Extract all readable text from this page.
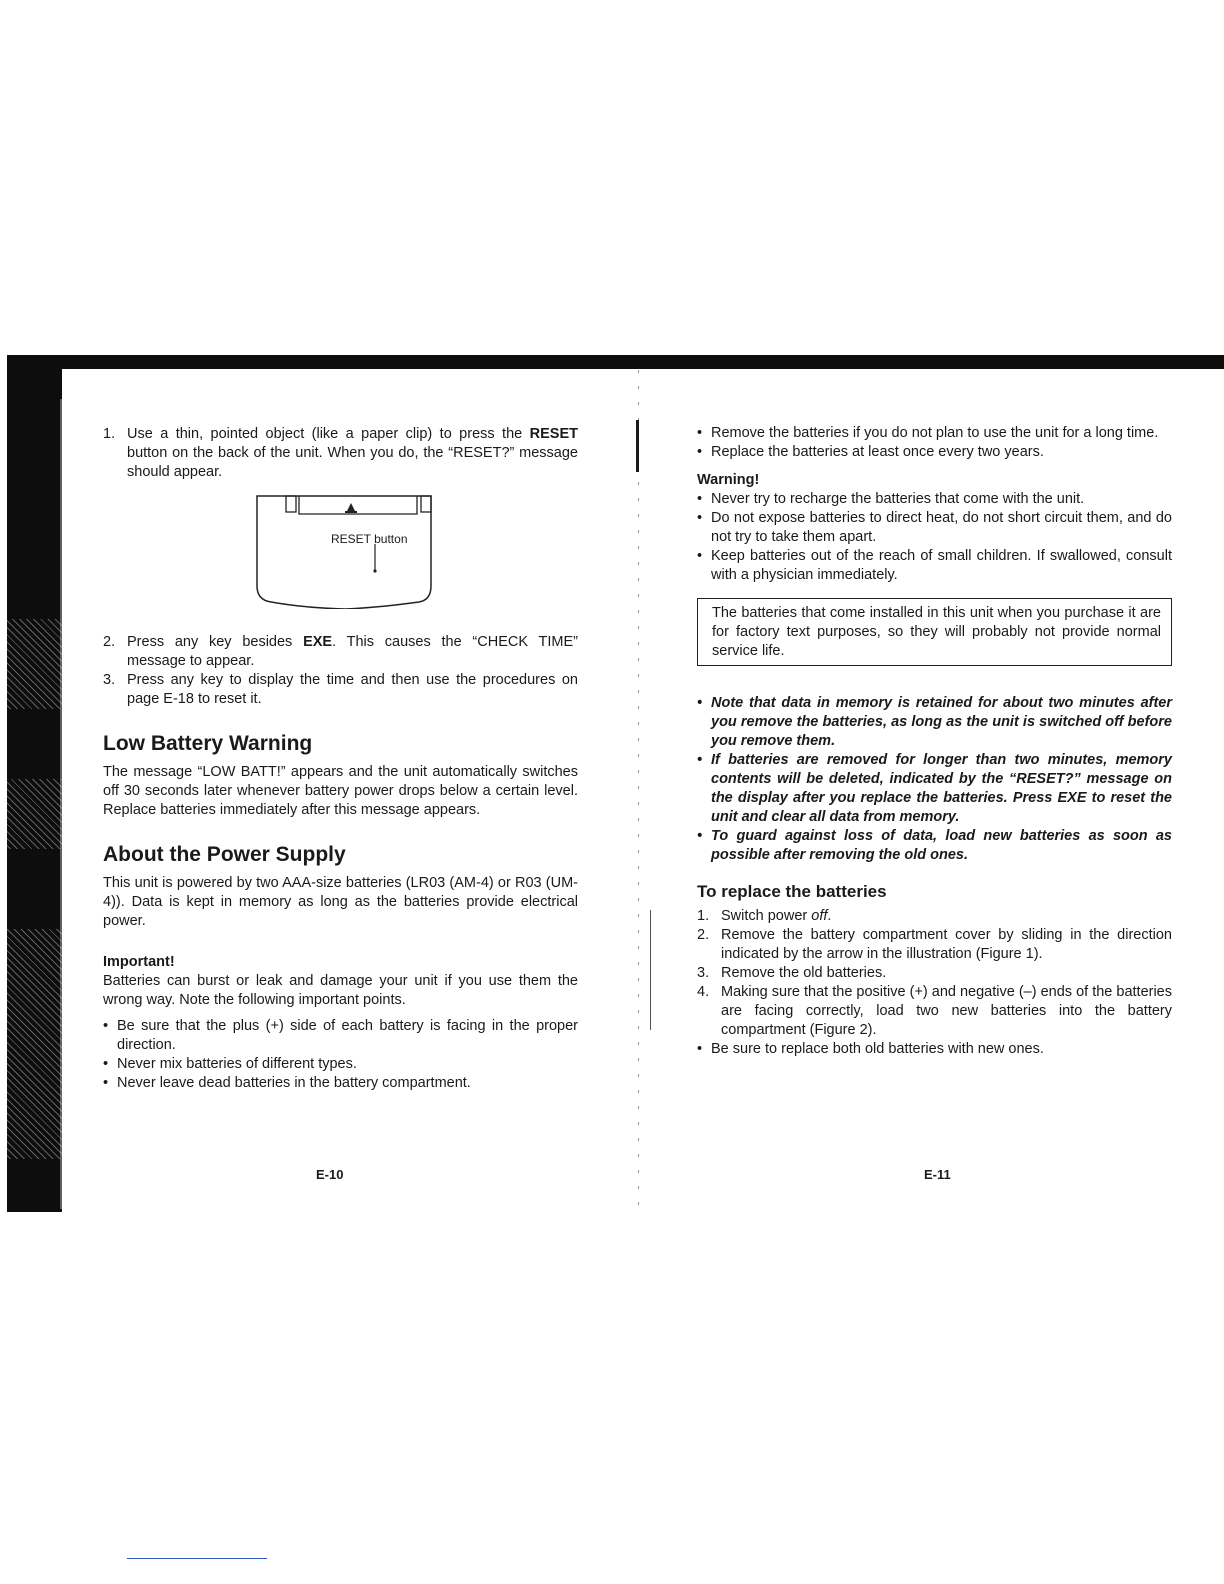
1. Use a thin, pointed object (like a paper clip) to press the RESET button on the back of the unit. When you do, the “RESET?” message should appear.
RESET button
2. Press any key besides EXE. This causes the “CHECK TIME” message to appear.
3. Press any key to display the time and then use the procedures on page E-18 to reset it.
Low Battery Warning

The message “LOW BATT!” appears and the unit automatically switches off 30 seconds later whenever battery power drops below a certain level. Replace batteries immediately after this message appears.

About the Power Supply

This unit is powered by two AAA-size batteries (LR03 (AM-4) or R03 (UM-4)). Data is kept in memory as long as the batteries provide electrical power.

Important!

Batteries can burst or leak and damage your unit if you use them the wrong way. Note the following important points.

• Be sure that the plus (+) side of each battery is facing in the proper direction.
• Never mix batteries of different types.
• Never leave dead batteries in the battery compartment.
E-10
• Remove the batteries if you do not plan to use the unit for a long time.
• Replace the batteries at least once every two years.

Warning!

• Never try to recharge the batteries that come with the unit.
• Do not expose batteries to direct heat, do not short circuit them, and do not try to take them apart.
• Keep batteries out of the reach of small children. If swallowed, consult with a physician immediately.
The batteries that come installed in this unit when you purchase it are for factory text purposes, so they will probably not provide normal service life.
• Note that data in memory is retained for about two minutes after you remove the batteries, as long as the unit is switched off before you remove them.
• If batteries are removed for longer than two minutes, memory contents will be deleted, indicated by the “RESET?” message on the display after you replace the batteries. Press EXE to reset the unit and clear all data from memory.
• To guard against loss of data, load new batteries as soon as possible after removing the old ones.

To replace the batteries

1. Switch power off.
2. Remove the battery compartment cover by sliding in the direction indicated by the arrow in the illustration (Figure 1).
3. Remove the old batteries.
4. Making sure that the positive (+) and negative (–) ends of the batteries are facing correctly, load two new batteries into the battery compartment (Figure 2).
• Be sure to replace both old batteries with new ones.
E-11
